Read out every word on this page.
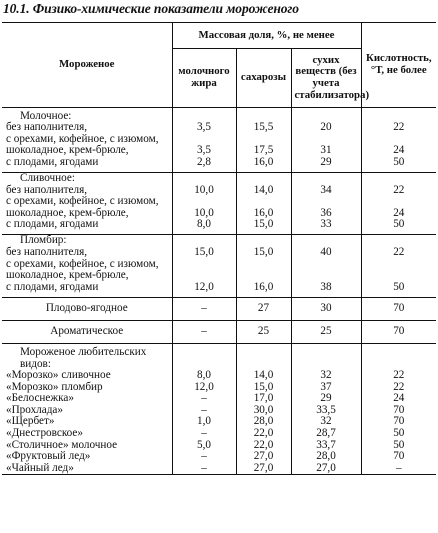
10.1. Физико-химические показатели мороженого
Мороженое	Массовая доля, %, не менее			Кислотность, °Т, не более
	молочного жира	сахарозы	сухих веществ (без учета стабилизатора)	

Молочное:				
без наполнителя,	3,5	15,5	20	22
с орехами, кофейное, с изюмом,				
шоколадное, крем-брюле,	3,5	17,5	31	24
с плодами, ягодами	2,8	16,0	29	50

Сливочное:				
без наполнителя,	10,0	14,0	34	22
с орехами, кофейное, с изюмом,				
шоколадное, крем-брюле,	10,0	16,0	36	24
с плодами, ягодами	8,0	15,0	33	50

Пломбир:				
без наполнителя,	15,0	15,0	40	22
с орехами, кофейное, с изюмом,				
шоколадное, крем-брюле,				
с плодами, ягодами	12,0	16,0	38	50

Плодово-ягодное	–	27	30	70
Ароматическое	–	25	25	70
Мороженое любительских				
видов:				
«Морозко» сливочное	8,0	14,0	32	22
«Морозко» пломбир	12,0	15,0	37	22
«Белоснежка»	–	17,0	29	24
«Прохлада»	–	30,0	33,5	70
«Щербет»	1,0	28,0	32	70
«Днестровское»	–	22,0	28,7	50
«Столичное» молочное	5,0	22,0	33,7	50
«Фруктовый лед»	–	27,0	28,0	70
«Чайный лед»	–	27,0	27,0	–
